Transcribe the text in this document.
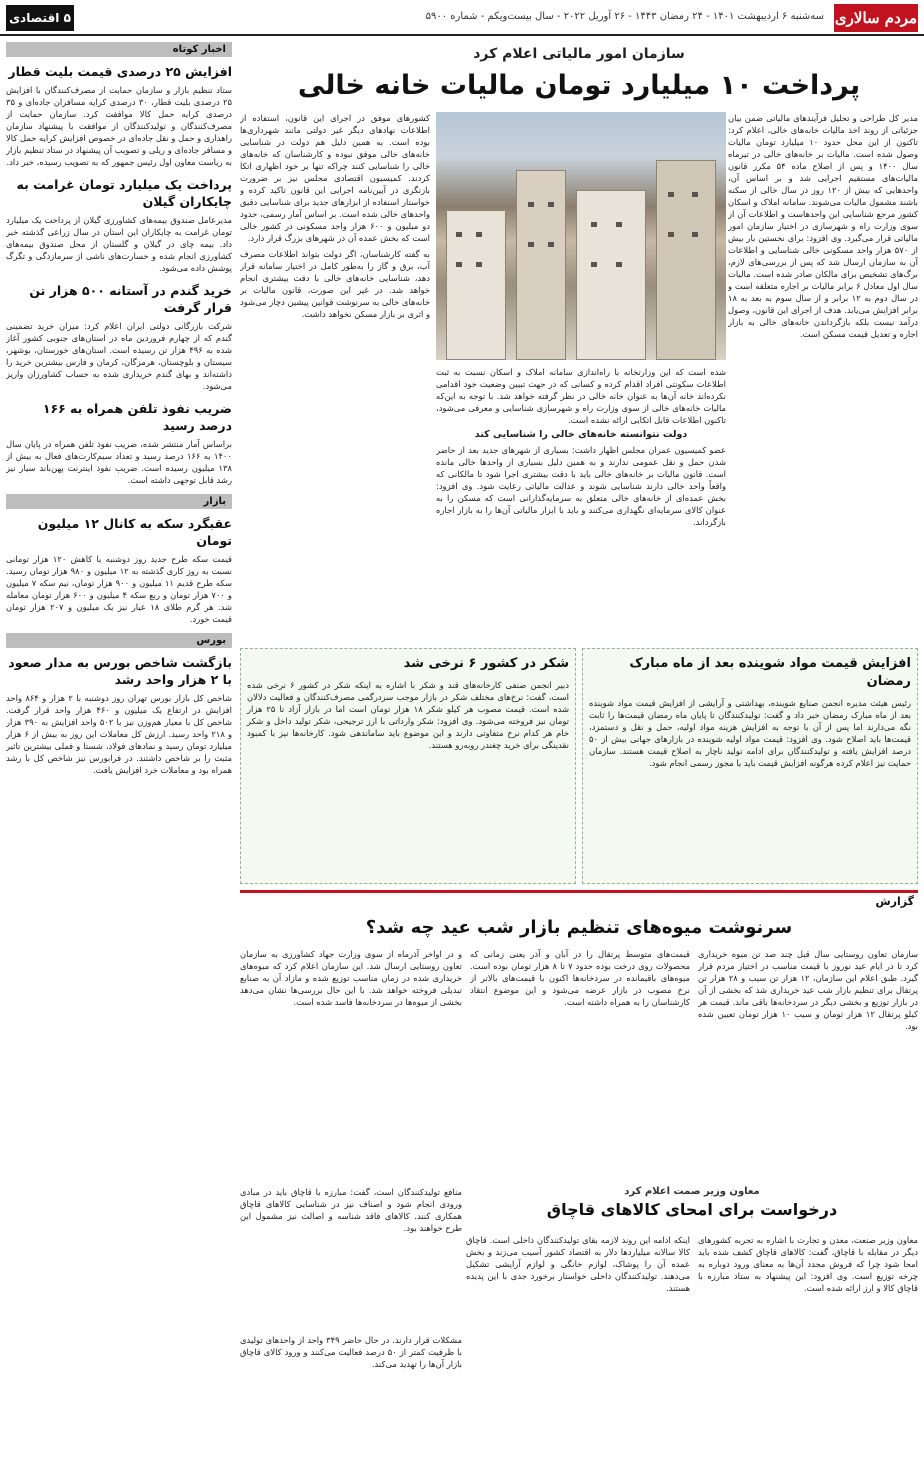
مردم سالاری
سه‌شنبه ۶ اردیبهشت ۱۴۰۱ - ۲۴ رمضان ۱۴۴۳ - ۲۶ آوریل ۲۰۲۲ - سال بیست‌و‌یکم - شماره ۵۹۰۰
۵ اقتصادی
اخبار کوتاه
افزایش ۲۵ درصدی قیمت بلیت قطار

ستاد تنظیم بازار و سازمان حمایت از مصرف‌کنندگان با افزایش ۲۵ درصدی بلیت قطار، ۳۰ درصدی کرایه مسافران جاده‌ای و ۳۵ درصدی کرایه حمل کالا موافقت کرد. سازمان حمایت از مصرف‌کنندگان و تولیدکنندگان از موافقت با پیشنهاد سازمان راهداری و حمل و نقل جاده‌ای در خصوص افزایش کرایه حمل کالا و مسافر جاده‌ای و ریلی و تصویب آن پیشنهاد در ستاد تنظیم بازار به ریاست معاون اول رئیس جمهور که به تصویب رسیده، خبر داد.

پرداخت یک میلیارد تومان غرامت به چایکاران گیلان

مدیرعامل صندوق بیمه‌های کشاورزی گیلان از پرداخت یک میلیارد تومان غرامت به چایکاران این استان در سال زراعی گذشته خبر داد. بیمه چای در گیلان و گلستان از محل صندوق بیمه‌های کشاورزی انجام شده و خسارت‌های ناشی از سرمازدگی و تگرگ پوشش داده می‌شود.

خرید گندم در آستانه ۵۰۰ هزار تن قرار گرفت

شرکت بازرگانی دولتی ایران اعلام کرد: میزان خرید تضمینی گندم که از چهارم فروردین ماه در استان‌های جنوبی کشور آغاز شده به ۴۹۶ هزار تن رسیده است. استان‌های خوزستان، بوشهر، سیستان و بلوچستان، هرمزگان، کرمان و فارس بیشترین خرید را داشته‌اند و بهای گندم خریداری شده به حساب کشاورزان واریز می‌شود.

ضریب نفوذ تلفن همراه به ۱۶۶ درصد رسید

براساس آمار منتشر شده، ضریب نفوذ تلفن همراه در پایان سال ۱۴۰۰ به ۱۶۶ درصد رسید و تعداد سیم‌کارت‌های فعال به بیش از ۱۳۸ میلیون رسیده است. ضریب نفوذ اینترنت پهن‌باند سیار نیز رشد قابل توجهی داشته است.

بازار
عقبگرد سکه به کانال ۱۲ میلیون تومان

قیمت سکه طرح جدید روز دوشنبه با کاهش ۱۲۰ هزار تومانی نسبت به روز کاری گذشته به ۱۲ میلیون و ۹۸۰ هزار تومان رسید. سکه طرح قدیم ۱۱ میلیون و ۹۰۰ هزار تومان، نیم سکه ۷ میلیون و ۷۰۰ هزار تومان و ربع سکه ۴ میلیون و ۶۰۰ هزار تومان معامله شد. هر گرم طلای ۱۸ عیار نیز یک میلیون و ۲۰۷ هزار تومان قیمت خورد.

بورس
بازگشت شاخص بورس به مدار صعود با ۲ هزار واحد رشد

شاخص کل بازار بورس تهران روز دوشنبه با ۲ هزار و ۸۶۴ واحد افزایش در ارتفاع یک میلیون و ۴۶۰ هزار واحد قرار گرفت. شاخص کل با معیار هم‌وزن نیز با ۵۰۲ واحد افزایش به ۳۹۰ هزار و ۲۱۸ واحد رسید. ارزش کل معاملات این روز به بیش از ۶ هزار میلیارد تومان رسید و نمادهای فولاد، شستا و فملی بیشترین تاثیر مثبت را بر شاخص داشتند. در فرابورس نیز شاخص کل با رشد همراه بود و معاملات خرد افزایش یافت.

سازمان امور مالیاتی اعلام کرد
پرداخت ۱۰ میلیارد تومان مالیات خانه خالی
مدیر کل طراحی و تحلیل فرآیندهای مالیاتی ضمن بیان جزئیاتی از روند اخذ مالیات خانه‌های خالی، اعلام کرد: تاکنون از این محل حدود ۱۰ میلیارد تومان مالیات وصول شده است. مالیات بر خانه‌های خالی در تیرماه سال ۱۴۰۰ و پس از اصلاح ماده ۵۴ مکرر قانون مالیات‌های مستقیم اجرایی شد و بر اساس آن، واحدهایی که بیش از ۱۲۰ روز در سال خالی از سکنه باشند مشمول مالیات می‌شوند. سامانه املاک و اسکان کشور مرجع شناسایی این واحدهاست و اطلاعات آن از سوی وزارت راه و شهرسازی در اختیار سازمان امور مالیاتی قرار می‌گیرد. وی افزود: برای نخستین بار بیش از ۵۷۰ هزار واحد مسکونی خالی شناسایی و اطلاعات آن به سازمان ارسال شد که پس از بررسی‌های لازم، برگ‌های تشخیص برای مالکان صادر شده است. مالیات سال اول معادل ۶ برابر مالیات بر اجاره متعلقه است و در سال دوم به ۱۲ برابر و از سال سوم به بعد به ۱۸ برابر افزایش می‌یابد. هدف از اجرای این قانون، وصول درآمد نیست بلکه بازگرداندن خانه‌های خالی به بازار اجاره و تعدیل قیمت مسکن است.
کشورهای موفق در اجرای این قانون، استفاده از اطلاعات نهادهای دیگر غیر دولتی مانند شهرداری‌ها بوده است. به همین دلیل هم دولت در شناسایی خانه‌های خالی موفق نبوده و کارشناسان که خانه‌های خالی را شناسایی کنند چراکه تنها بر خود اظهاری اتکا کردند. کمیسیون اقتصادی مجلس نیز بر ضرورت بازنگری در آیین‌نامه اجرایی این قانون تاکید کرده و خواستار استفاده از ابزارهای جدید برای شناسایی دقیق واحدهای خالی شده است. بر اساس آمار رسمی، حدود دو میلیون و ۶۰۰ هزار واحد مسکونی در کشور خالی است که بخش عمده آن در شهرهای بزرگ قرار دارد.
به گفته کارشناسان، اگر دولت بتواند اطلاعات مصرف آب، برق و گاز را به‌طور کامل در اختیار سامانه قرار دهد، شناسایی خانه‌های خالی با دقت بیشتری انجام خواهد شد. در غیر این صورت، قانون مالیات بر خانه‌های خالی به سرنوشت قوانین پیشین دچار می‌شود و اثری بر بازار مسکن نخواهد داشت.
شده است که این وزارتخانه با راه‌اندازی سامانه املاک و اسکان نسبت به ثبت اطلاعات سکونتی افراد اقدام کرده و کسانی که در جهت تبیین وضعیت خود اقدامی نکرده‌اند خانه آن‌ها به عنوان خانه خالی در نظر گرفته خواهد شد. با توجه به این‌که مالیات خانه‌های خالی از سوی وزارت راه و شهرسازی شناسایی و معرفی می‌شود، تاکنون اطلاعات قابل اتکایی ارائه نشده است.
دولت نتوانسته خانه‌های خالی را شناسایی کند
عضو کمیسیون عمران مجلس اظهار داشت: بسیاری از شهرهای جدید بعد از حاضر شدن حمل و نقل عمومی ندارند و به همین دلیل بسیاری از واحدها خالی مانده است. قانون مالیات بر خانه‌های خالی باید با دقت بیشتری اجرا شود تا مالکانی که واقعاً واحد خالی دارند شناسایی شوند و عدالت مالیاتی رعایت شود. وی افزود: بخش عمده‌ای از خانه‌های خالی متعلق به سرمایه‌گذارانی است که مسکن را به عنوان کالای سرمایه‌ای نگهداری می‌کنند و باید با ابزار مالیاتی آن‌ها را به بازار اجاره بازگرداند.
افزایش قیمت مواد شوینده بعد از ماه مبارک رمضان

رئیس هیئت مدیره انجمن صنایع شوینده، بهداشتی و آرایشی از افزایش قیمت مواد شوینده بعد از ماه مبارک رمضان خبر داد و گفت: تولیدکنندگان تا پایان ماه رمضان قیمت‌ها را ثابت نگه می‌دارند اما پس از آن با توجه به افزایش هزینه مواد اولیه، حمل و نقل و دستمزد، قیمت‌ها باید اصلاح شود. وی افزود: قیمت مواد اولیه شوینده در بازارهای جهانی بیش از ۵۰ درصد افزایش یافته و تولیدکنندگان برای ادامه تولید ناچار به اصلاح قیمت هستند. سازمان حمایت نیز اعلام کرده هرگونه افزایش قیمت باید با مجوز رسمی انجام شود.

شکر در کشور ۶ نرخی شد

دبیر انجمن صنفی کارخانه‌های قند و شکر با اشاره به اینکه شکر در کشور ۶ نرخی شده است، گفت: نرخ‌های مختلف شکر در بازار موجب سردرگمی مصرف‌کنندگان و فعالیت دلالان شده است. قیمت مصوب هر کیلو شکر ۱۸ هزار تومان است اما در بازار آزاد تا ۲۵ هزار تومان نیز فروخته می‌شود. وی افزود: شکر وارداتی با ارز ترجیحی، شکر تولید داخل و شکر خام هر کدام نرخ متفاوتی دارند و این موضوع باید ساماندهی شود. کارخانه‌ها نیز با کمبود نقدینگی برای خرید چغندر روبه‌رو هستند.

گزارش
سرنوشت میوه‌های تنظیم بازار شب عید چه شد؟
سازمان تعاون روستایی سال قبل چند صد تن میوه خریداری کرد تا در ایام عید نوروز با قیمت مناسب در اختیار مردم قرار گیرد. طبق اعلام این سازمان، ۱۲ هزار تن سیب و ۲۸ هزار تن پرتقال برای تنظیم بازار شب عید خریداری شد که بخشی از آن در بازار توزیع و بخشی دیگر در سردخانه‌ها باقی ماند. قیمت هر کیلو پرتقال ۱۲ هزار تومان و سیب ۱۰ هزار تومان تعیین شده بود.
قیمت‌های متوسط پرتقال را در آبان و آذر یعنی زمانی که محصولات روی درخت بوده حدود ۷ تا ۸ هزار تومان بوده است. میوه‌های باقیمانده در سردخانه‌ها اکنون با قیمت‌های بالاتر از نرخ مصوب در بازار عرضه می‌شود و این موضوع انتقاد کارشناسان را به همراه داشته است.
و در اواخر آذرماه از سوی وزارت جهاد کشاورزی به سازمان تعاون روستایی ارسال شد. این سازمان اعلام کرد که میوه‌های خریداری شده در زمان مناسب توزیع شده و مازاد آن به صنایع تبدیلی فروخته خواهد شد. با این حال بررسی‌ها نشان می‌دهد بخشی از میوه‌ها در سردخانه‌ها فاسد شده است.
معاون وزیر صمت اعلام کرد
درخواست برای امحای کالاهای قاچاق
معاون وزیر صنعت، معدن و تجارت با اشاره به تجربه کشورهای دیگر در مقابله با قاچاق، گفت: کالاهای قاچاق کشف شده باید امحا شود چرا که فروش مجدد آن‌ها به معنای ورود دوباره به چرخه توزیع است. وی افزود: این پیشنهاد به ستاد مبارزه با قاچاق کالا و ارز ارائه شده است.
اینکه ادامه این روند لازمه بقای تولیدکنندگان داخلی است. قاچاق کالا سالانه میلیاردها دلار به اقتصاد کشور آسیب می‌زند و بخش عمده آن را پوشاک، لوازم خانگی و لوازم آرایشی تشکیل می‌دهند. تولیدکنندگان داخلی خواستار برخورد جدی با این پدیده هستند.
منافع تولیدکنندگان است، گفت: مبارزه با قاچاق باید در مبادی ورودی انجام شود و اصناف نیز در شناسایی کالاهای قاچاق همکاری کنند. کالاهای فاقد شناسه و اصالت نیز مشمول این طرح خواهند بود.
مشکلات قرار دارند. در حال حاضر ۳۴۹ واحد از واحدهای تولیدی با ظرفیت کمتر از ۵۰ درصد فعالیت می‌کنند و ورود کالای قاچاق بازار آن‌ها را تهدید می‌کند.
